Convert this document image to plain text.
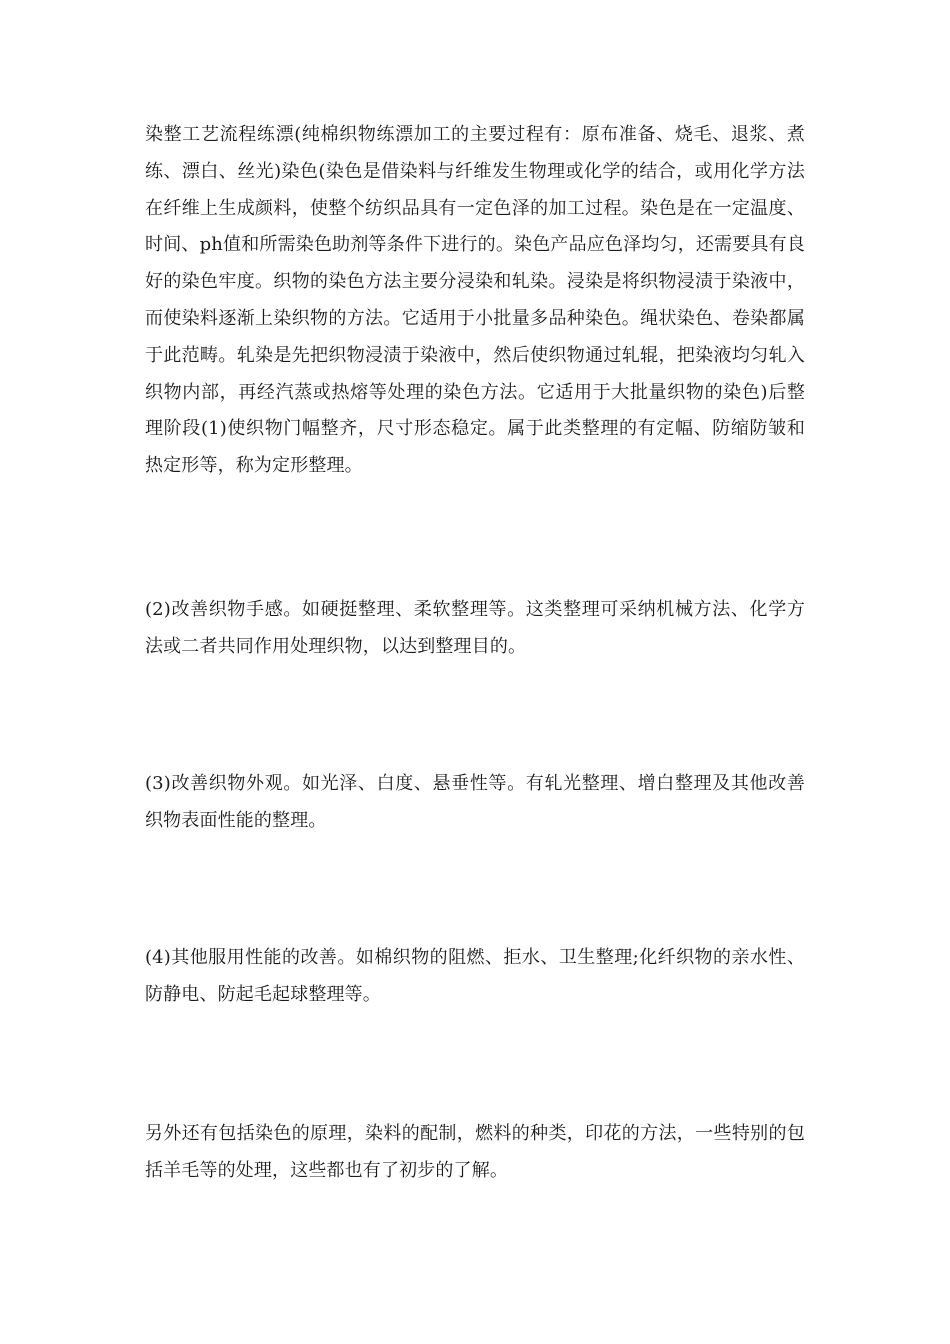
染整工艺流程练漂(纯棉织物练漂加工的主要过程有：原布准备、烧毛、退浆、煮练、漂白、丝光)染色(染色是借染料与纤维发生物理或化学的结合，或用化学方法在纤维上生成颜料，使整个纺织品具有一定色泽的加工过程。染色是在一定温度、时间、ph值和所需染色助剂等条件下进行的。染色产品应色泽均匀，还需要具有良好的染色牢度。织物的染色方法主要分浸染和轧染。浸染是将织物浸渍于染液中，而使染料逐渐上染织物的方法。它适用于小批量多品种染色。绳状染色、卷染都属于此范畴。轧染是先把织物浸渍于染液中，然后使织物通过轧辊，把染液均匀轧入织物内部，再经汽蒸或热熔等处理的染色方法。它适用于大批量织物的染色)后整理阶段(1)使织物门幅整齐，尺寸形态稳定。属于此类整理的有定幅、防缩防皱和热定形等，称为定形整理。

(2)改善织物手感。如硬挺整理、柔软整理等。这类整理可采纳机械方法、化学方法或二者共同作用处理织物，以达到整理目的。

(3)改善织物外观。如光泽、白度、悬垂性等。有轧光整理、增白整理及其他改善织物表面性能的整理。

(4)其他服用性能的改善。如棉织物的阻燃、拒水、卫生整理;化纤织物的亲水性、防静电、防起毛起球整理等。

另外还有包括染色的原理，染料的配制，燃料的种类，印花的方法，一些特别的包括羊毛等的处理，这些都也有了初步的了解。
